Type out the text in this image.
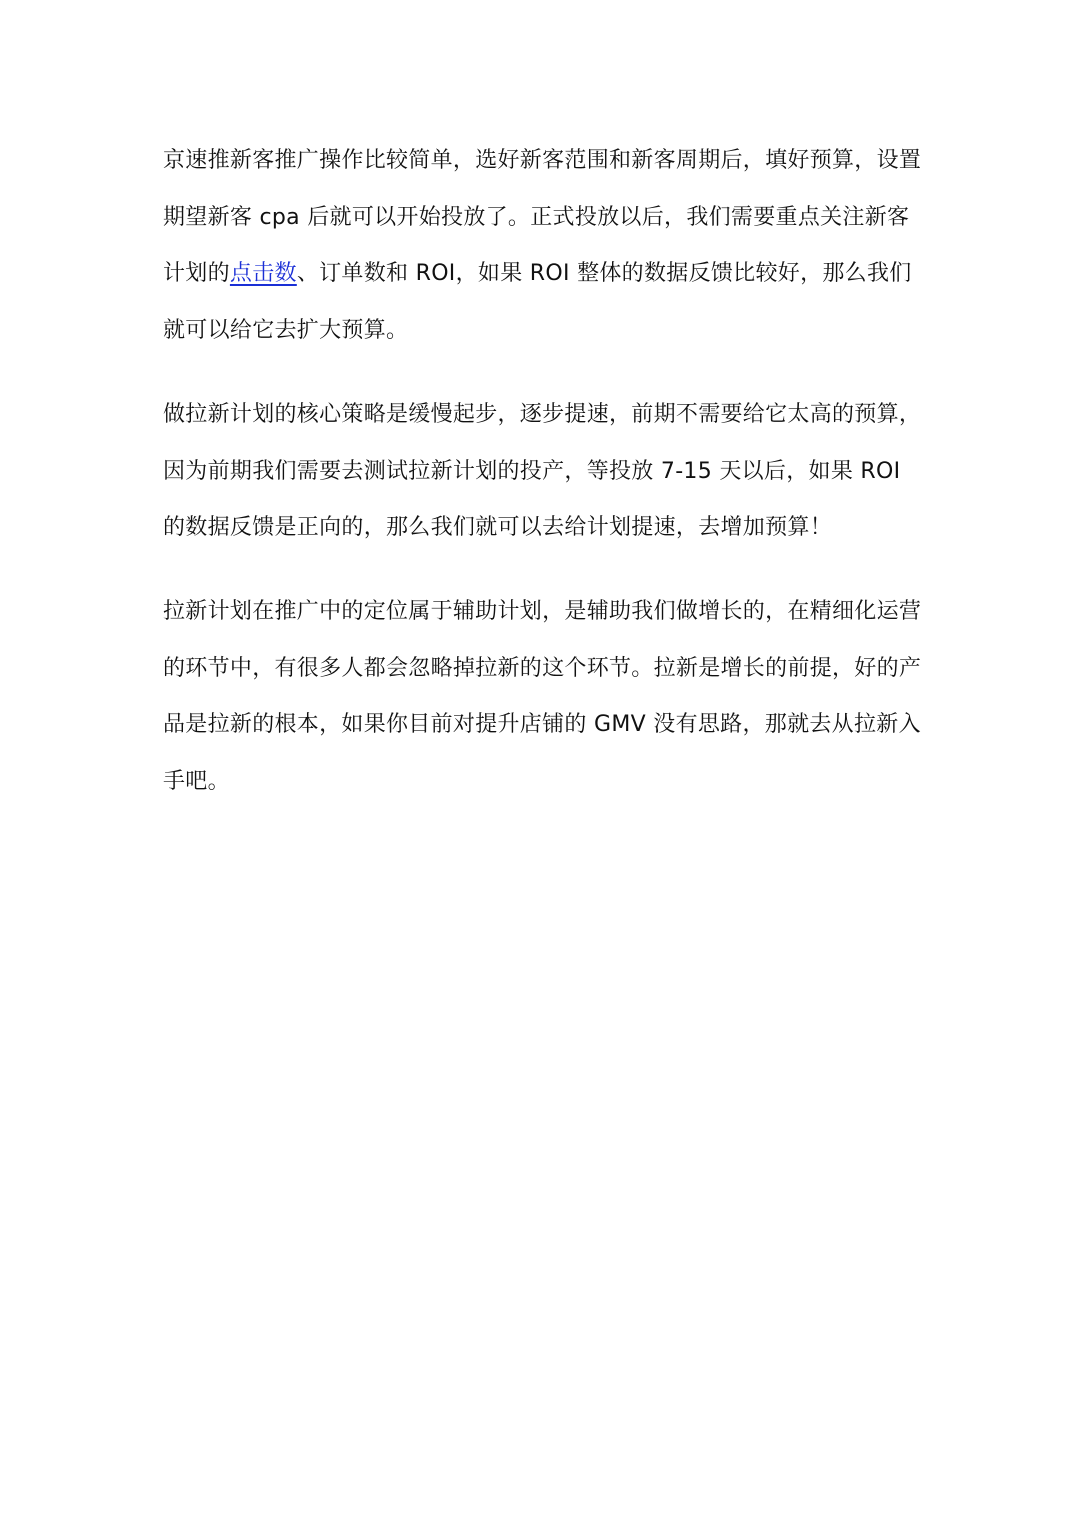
京速推新客推广操作比较简单，选好新客范围和新客周期后，填好预算，设置期望新客 cpa 后就可以开始投放了。正式投放以后，我们需要重点关注新客计划的点击数、订单数和 ROI，如果 ROI 整体的数据反馈比较好，那么我们就可以给它去扩大预算。

做拉新计划的核心策略是缓慢起步，逐步提速，前期不需要给它太高的预算，因为前期我们需要去测试拉新计划的投产，等投放 7-15 天以后，如果 ROI 的数据反馈是正向的，那么我们就可以去给计划提速，去增加预算！

拉新计划在推广中的定位属于辅助计划，是辅助我们做增长的，在精细化运营的环节中，有很多人都会忽略掉拉新的这个环节。拉新是增长的前提，好的产品是拉新的根本，如果你目前对提升店铺的 GMV 没有思路，那就去从拉新入手吧。
